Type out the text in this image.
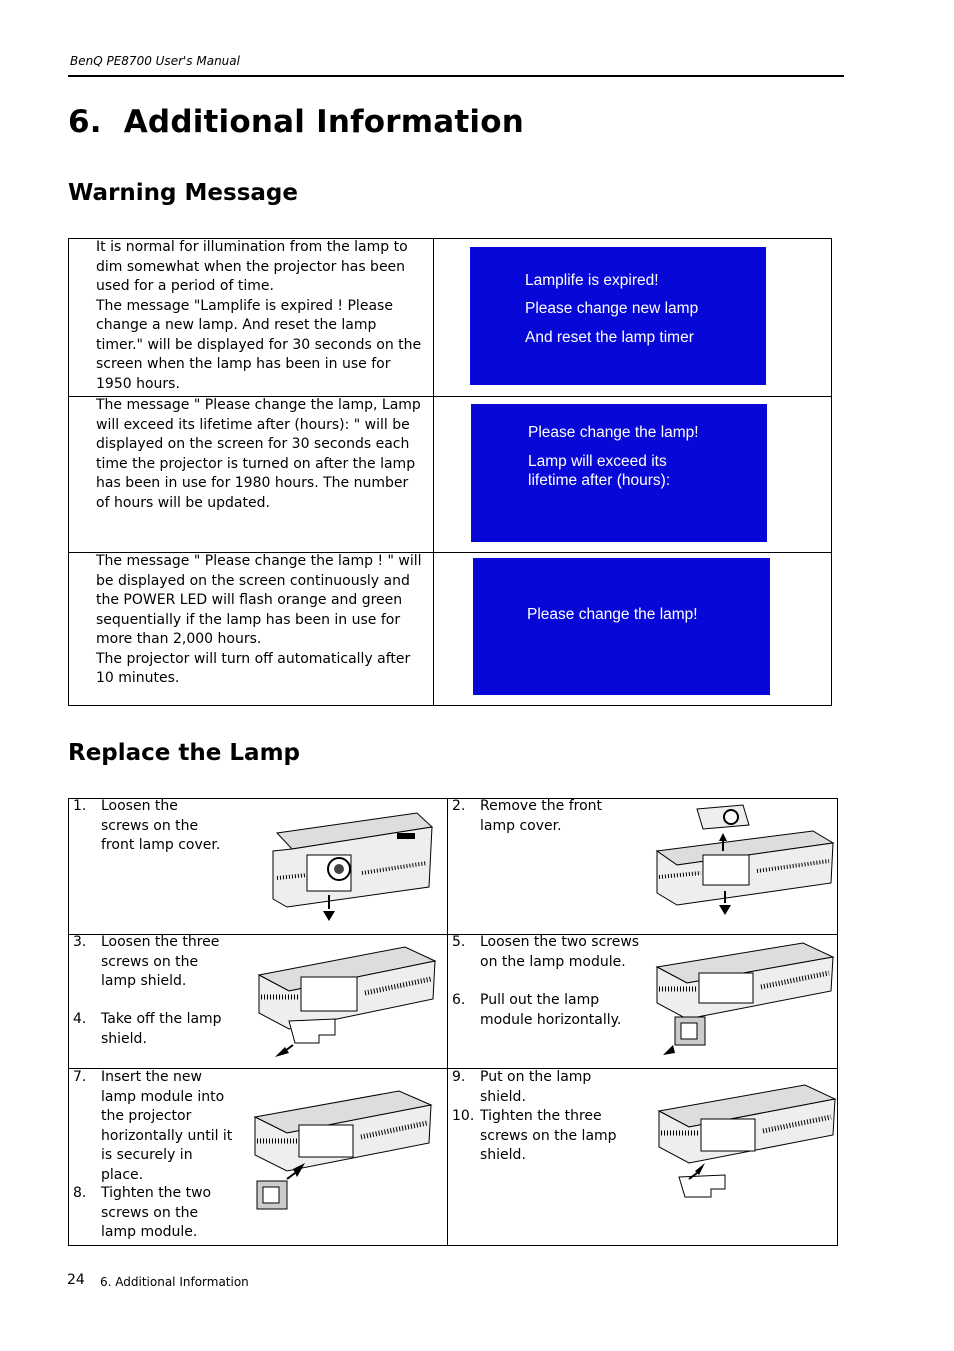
BenQ PE8700 User's Manual
6.  Additional Information
Warning Message
It is normal for illumination from the lamp to dim somewhat when the projector has been used for a period of time.
The message "Lamplife is expired ! Please change a new lamp. And reset the lamp timer." will be displayed for 30 seconds on the screen when the lamp has been in use for 1950 hours.
Lamplife is expired!
Please change new lamp
And reset the lamp timer
The message " Please change the lamp, Lamp will exceed its lifetime after (hours): " will be displayed on the screen for 30 seconds each time the projector is turned on after the lamp has been in use for 1980 hours. The number of hours will be updated.
Please change the lamp!
Lamp will exceed its
lifetime after (hours):
The message " Please change the lamp ! " will be displayed on the screen continuously and the POWER LED will flash orange and green sequentially if the lamp has been in use for more than 2,000 hours.
The projector will turn off automatically after 10 minutes.
Please change the lamp!
Replace the Lamp
1. Loosen the screws on the front lamp cover.
2. Remove the front lamp cover.
3. Loosen the three screws on the lamp shield.
4. Take off the lamp shield.
5. Loosen the two screws on the lamp module.
6. Pull out the lamp module horizontally.
7. Insert the new lamp module into the projector horizontally until it is securely in place.
8. Tighten the two screws on the lamp module.
9. Put on the lamp shield.
10. Tighten the three screws on the lamp shield.
24 6. Additional Information
